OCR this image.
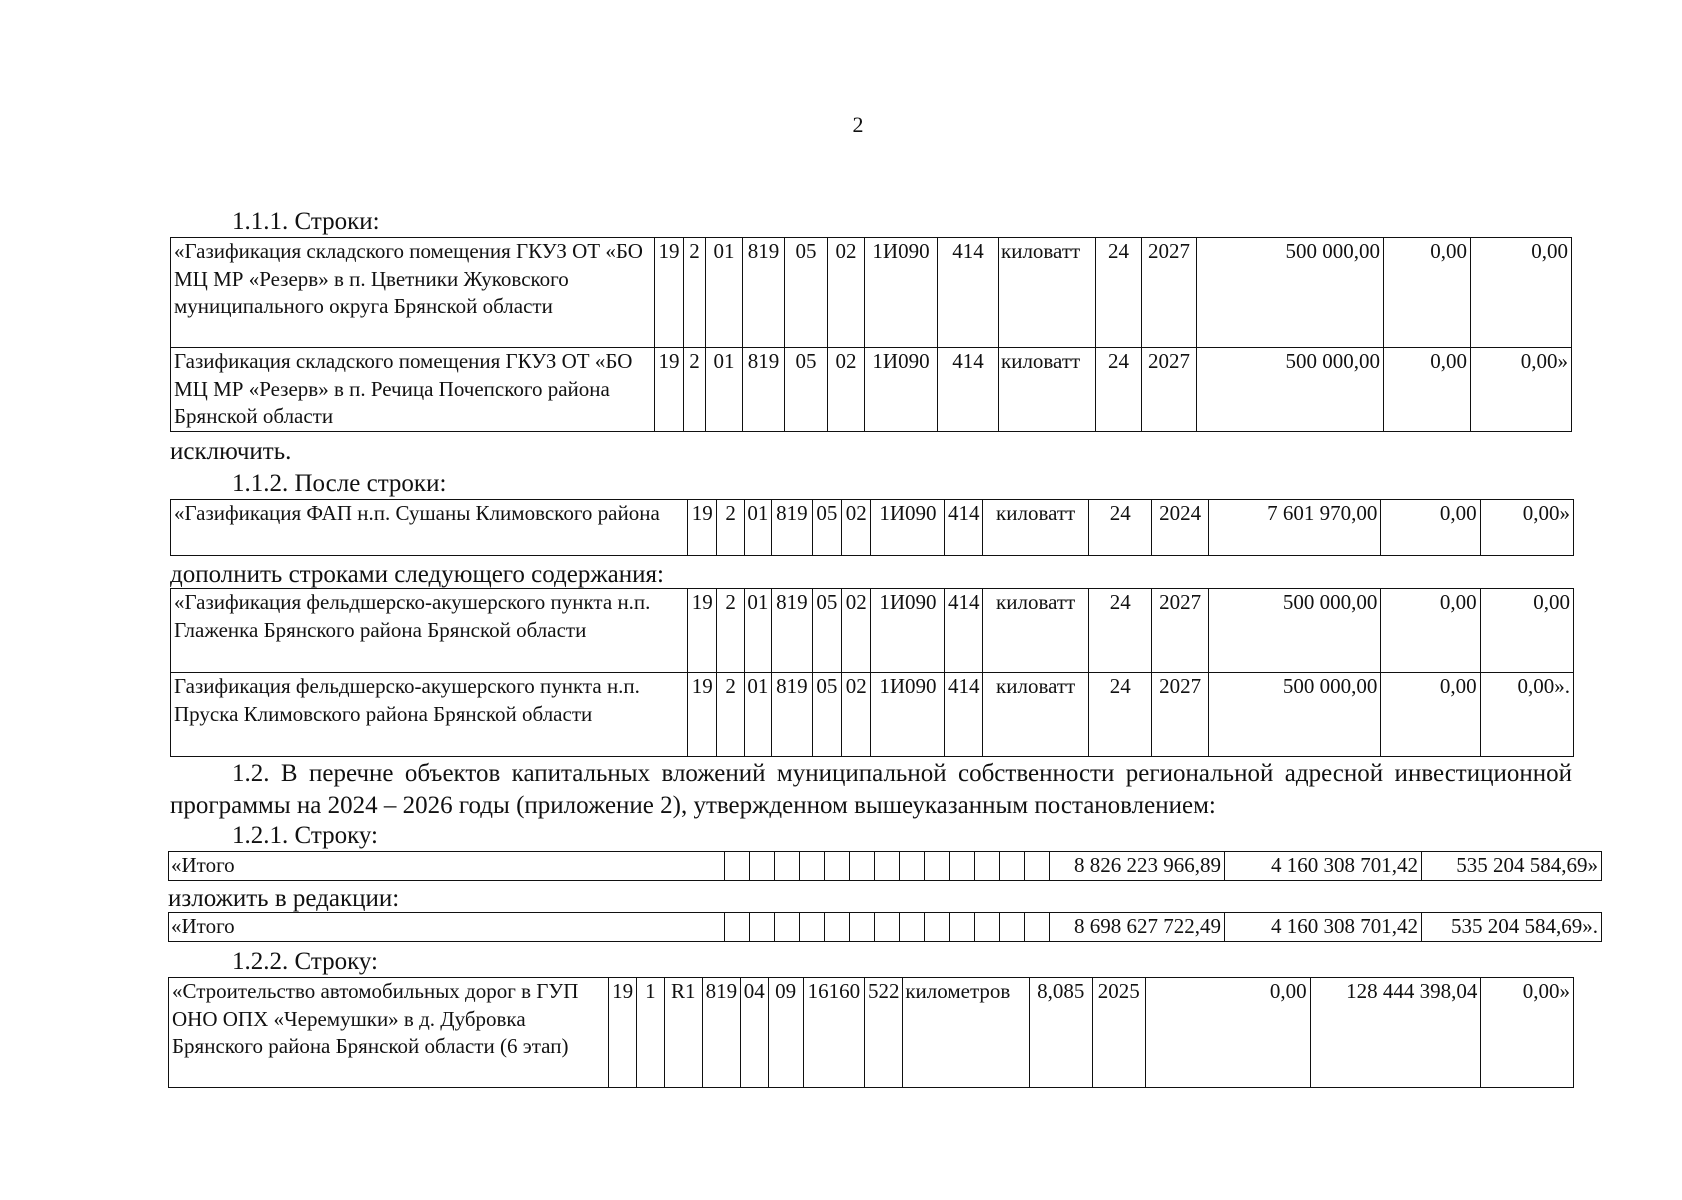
2
1.1.1. Строки:
«Газификация складского помещения ГКУЗ ОТ «БО МЦ МР «Резерв» в п. Цветники Жуковского муниципального округа Брянской области	19	2	01	819	05	02	1И090	414	киловатт	24	2027	500 000,00	0,00	0,00
Газификация складского помещения ГКУЗ ОТ «БО МЦ МР «Резерв» в п. Речица Почепского района Брянской области	19	2	01	819	05	02	1И090	414	киловатт	24	2027	500 000,00	0,00	0,00»
исключить.
1.1.2. После строки:
«Газификация ФАП н.п. Сушаны Климовского района	19	2	01	819	05	02	1И090	414	киловатт	24	2024	7 601 970,00	0,00	0,00»
дополнить строками следующего содержания:
«Газификация фельдшерско-акушерского пункта н.п. Глаженка Брянского района Брянской области	19	2	01	819	05	02	1И090	414	киловатт	24	2027	500 000,00	0,00	0,00
Газификация фельдшерско-акушерского пункта н.п. Пруска Климовского района Брянской области	19	2	01	819	05	02	1И090	414	киловатт	24	2027	500 000,00	0,00	0,00».
1.2. В перечне объектов капитальных вложений муниципальной собственности региональной адресной инвестиционной программы на 2024 – 2026 годы (приложение 2), утвержденном вышеуказанным постановлением:
1.2.1. Строку:
«Итого														8 826 223 966,89	4 160 308 701,42	535 204 584,69»
изложить в редакции:
«Итого														8 698 627 722,49	4 160 308 701,42	535 204 584,69».
1.2.2. Строку:
«Строительство автомобильных дорог в ГУП ОНО ОПХ «Черемушки» в д. Дубровка Брянского района Брянской области (6 этап)	19	1	R1	819	04	09	16160	522	километров	8,085	2025	0,00	128 444 398,04	0,00»
